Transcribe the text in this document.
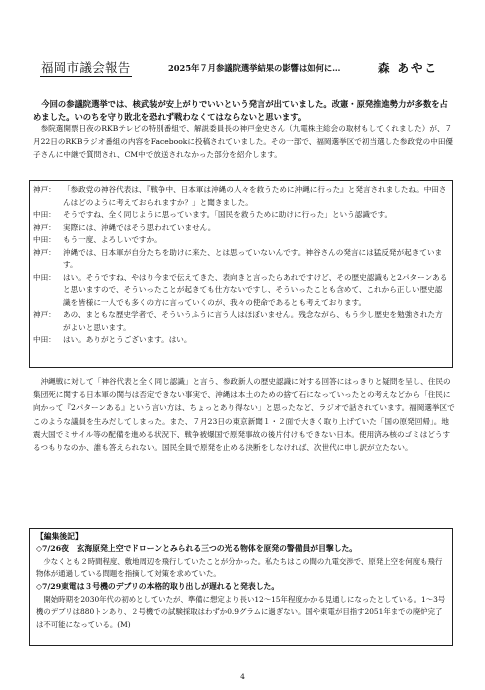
福岡市議会報告	2025年７月参議院選挙結果の影響は如何に…	森 あやこ

今回の参議院選挙では、核武装が安上がりでいいという発言が出ていました。改憲・原発推進勢力が多数を占めました。いのちを守り敗北を恐れず戦わなくてはならないと思います。

参院選開票日夜のRKBテレビの特別番組で、解説委員長の神戸金史さん（九電株主総会の取材もしてくれました）が、７月22日のRKBラジオ番組の内容をFacebookに投稿されていました。その一部で、福岡選挙区で初当選した参政党の中田優子さんに中継で質問され、CM中で放送されなかった部分を紹介します。

神戸： 「参政党の神谷代表は、『戦争中、日本軍は沖縄の人々を救うために沖縄に行った』と発言されましたね。中田さんはどのように考えておられますか？」と聞きました。
中田： そうですね、全く同じように思っています。「国民を救うために助けに行った」という認識です。
神戸： 実際には、沖縄ではそう思われていません。
中田： もう一度、よろしいですか。
神戸： 沖縄では、日本軍が自分たちを助けに来た、とは思っていないんです。神谷さんの発言には猛反発が起きています。
中田： はい。そうですね、やはり今まで伝えてきた、表向きと言ったらあれですけど、その歴史認識もと2パターンあると思いますので、そういったことが起きても仕方ないですし、そういったことも含めて、これから正しい歴史認識を皆様に一人でも多くの方に言っていくのが、我々の使命であるとも考えております。
神戸： あの、まともな歴史学者で、そういうふうに言う人はほぼいません。残念ながら、もう少し歴史を勉強された方がよいと思います。
中田： はい。ありがとうございます。はい。

沖縄戦に対して「神谷代表と全く同じ認識」と言う、参政新人の歴史認識に対する回答にはっきりと疑問を呈し、住民の集団死に関する日本軍の関与は否定できない事実で、沖縄は本土のための捨て石になっていったとの考えなどから「住民に向かって『2パターンある』という言い方は、ちょっとあり得ない」と思ったなど、ラジオで話されています。福岡選挙区でこのような議員を生みだしてしまった。また、７月23日の東京新聞１・２面で大きく取り上げていた「国の原発回帰」。地震大国でミサイル等の配備を進める状況下、戦争被爆国で原発事故の後片付けもできない日本。使用済み核のゴミはどうするつもりなのか、誰も答えられない。国民全員で原発を止める決断をしなければ、次世代に申し訳が立たない。

【編集後記】
◇7/26夜　玄海原発上空でドローンとみられる三つの光る物体を原発の警備員が目撃した。

少なくとも２時間程度、敷地周辺を飛行していたことが分かった。私たちはこの間の九電交渉で、原発上空を何度も飛行物体が通過している問題を指摘して対策を求めていた。

◇7/29東電は３号機のデブリの本格的取り出しが遅れると発表した。

開始時期を2030年代の初めとしていたが、準備に想定より長い12〜15年程度かかる見通しになったとしている。1〜3号機のデブリは880トンあり、２号機での試験採取はわずか0.9グラムに過ぎない。国や東電が目指す2051年までの廃炉完了は不可能になっている。(M)

4
